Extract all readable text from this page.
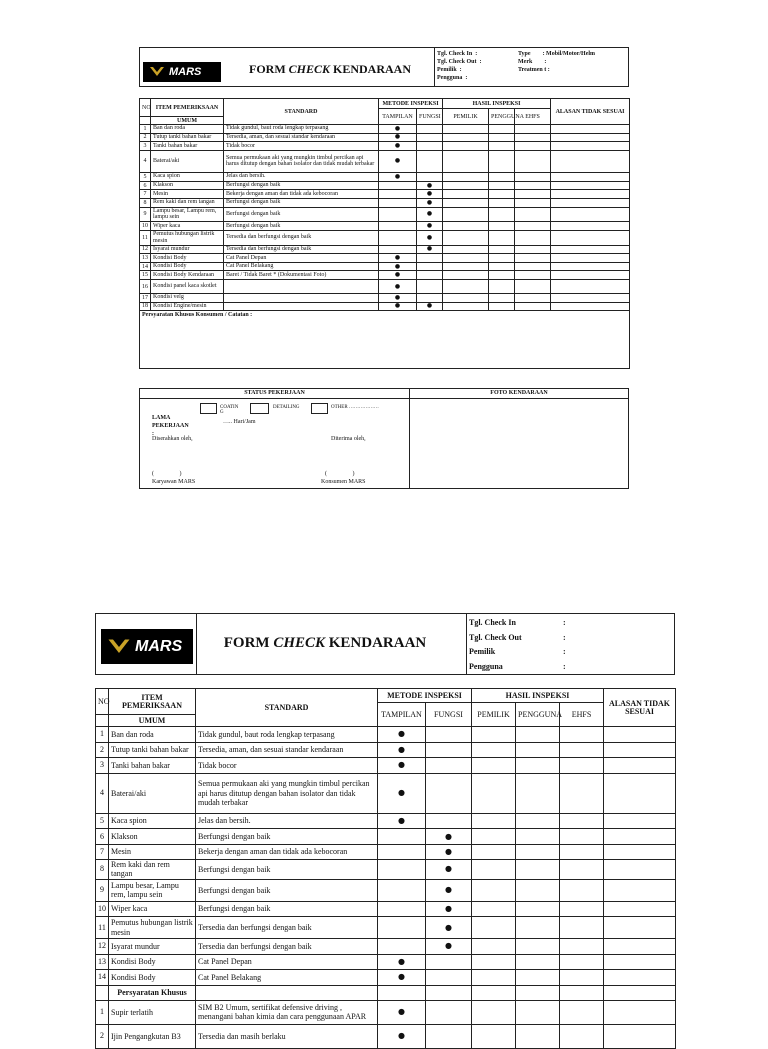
MARS	FORM
CHECK
KENDARAAN
Tgl. Check In :
Tgl. Check Out :
Pemilik :
Pengguna :
Type : Mobil/Motor/Helm
Merk :
Treatmen t :
NO	ITEM PEMERIKSAAN	STANDARD	METODE INSPEKSI		HASIL INSPEKSI			ALASAN TIDAK SESUAI
			TAMPILAN	FUNGSI	PEMILIK	PENGGUNA	EHFS	
	UMUM							
1	Ban dan roda	Tidak gundul, baut roda lengkap terpasang	●					
2	Tutup tanki bahan bakar	Tersedia, aman, dan sesuai standar kendaraan	●					
3	Tanki bahan bakar	Tidak bocor	●					
4	Baterai/aki	Semua permukaan aki yang mungkin timbul percikan api harus ditutup dengan bahan isolator dan tidak mudah terbakar	●					
5	Kaca spion	Jelas dan bersih.	●					
6	Klakson	Berfungsi dengan baik		●				
7	Mesin	Bekerja dengan aman dan tidak ada kebocoran		●				
8	Rem kaki dan rem tangan	Berfungsi dengan baik		●				
9	Lampu besar, Lampu rem, lampu sein	Berfungsi dengan baik		●				
10	Wiper kaca	Berfungsi dengan baik		●				
11	Pemutus hubungan listrik mesin	Tersedia dan berfungsi dengan baik		●				
12	Isyarat mundur	Tersedia dan berfungsi dengan baik		●				
13	Kondisi Body	Cat Panel Depan	●					
14	Kondisi Body	Cat Panel Belakang	●					
15	Kondisi Body Kendaraan	Baret / Tidak Baret * (Dokumentasi Foto)	●					
16	Kondisi panel kaca skotlet		●					
17	Kondisi velg		●					
18	Kondisi Engine/mesin		●	●				
Persyaratan Khusus Konsumen / Catatan :								

STATUS PEKERJAAN
COATIN G
DETAILING	OTHER ………………
LAMA PEKERJAAN :
….. Hari/Jam
Diserahkan oleh,	Diterima oleh,
(                 )	(                 )
Karyawan MARS	Konsumen MARS
FOTO KENDARAAN
MARS	FORM
CHECK
KENDARAAN
Tgl. Check In	:
Tgl. Check Out	:
Pemilik	:
Pengguna	:
NO	ITEM PEMERIKSAAN	STANDARD	METODE INSPEKSI		HASIL INSPEKSI			ALASAN TIDAK SESUAI
			TAMPILAN	FUNGSI	PEMILIK	PENGGUNA	EHFS	
	UMUM							
1	Ban dan roda	Tidak gundul, baut roda lengkap terpasang	●					
2	Tutup tanki bahan bakar	Tersedia, aman, dan sesuai standar kendaraan	●					
3	Tanki bahan bakar	Tidak bocor	●					
4	Baterai/aki	Semua permukaan aki yang mungkin timbul percikan api harus ditutup dengan bahan isolator dan tidak mudah terbakar	●					
5	Kaca spion	Jelas dan bersih.	●					
6	Klakson	Berfungsi dengan baik		●				
7	Mesin	Bekerja dengan aman dan tidak ada kebocoran		●				
8	Rem kaki dan rem tangan	Berfungsi dengan baik		●				
9	Lampu besar, Lampu rem, lampu sein	Berfungsi dengan baik		●				
10	Wiper kaca	Berfungsi dengan baik		●				
11	Pemutus hubungan listrik mesin	Tersedia dan berfungsi dengan baik		●				
12	Isyarat mundur	Tersedia dan berfungsi dengan baik		●				
13	Kondisi Body	Cat Panel Depan	●					
14	Kondisi Body	Cat Panel Belakang	●					
	Persyaratan Khusus							
1	Supir terlatih	SIM B2 Umum, sertifikat defensive driving , menangani bahan kimia dan cara penggunaan APAR	●					
2	Ijin Pengangkutan B3	Tersedia dan masih berlaku	●					
